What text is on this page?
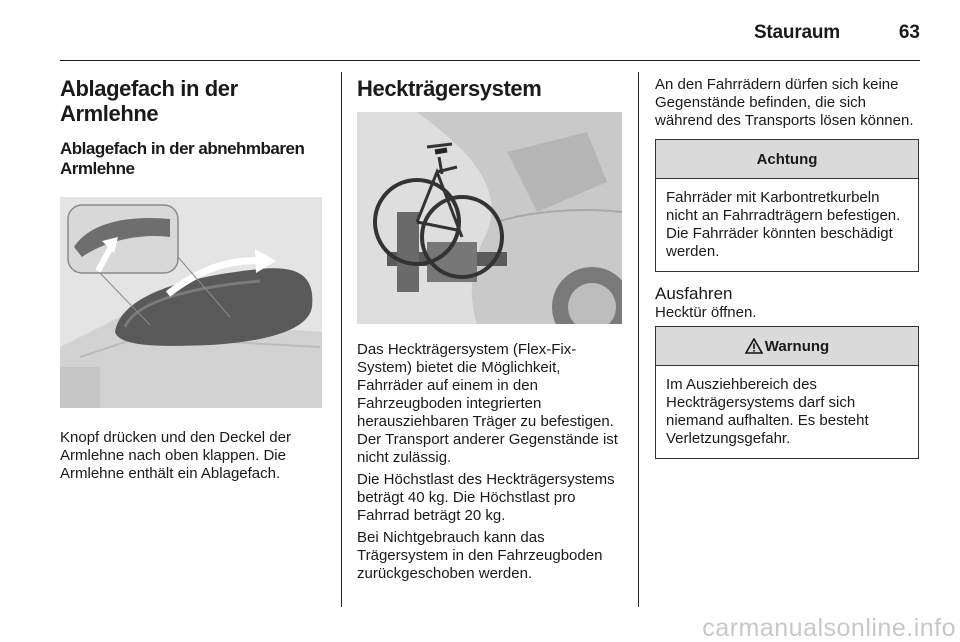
Stauraum	63
Ablagefach in der Armlehne
Ablagefach in der abnehmbaren Armlehne

Knopf drücken und den Deckel der Armlehne nach oben klappen. Die Armlehne enthält ein Ablagefach.

Heckträgersystem

Das Heckträgersystem (Flex-Fix-System) bietet die Möglichkeit, Fahrräder auf einem in den Fahrzeugboden integrierten herausziehbaren Träger zu befestigen. Der Transport anderer Gegenstände ist nicht zulässig.

Die Höchstlast des Heckträgersystems beträgt 40 kg. Die Höchstlast pro Fahrrad beträgt 20 kg.

Bei Nichtgebrauch kann das Trägersystem in den Fahrzeugboden zurückgeschoben werden.

An den Fahrrädern dürfen sich keine Gegenstände befinden, die sich während des Transports lösen können.

Achtung
Fahrräder mit Karbontretkurbeln nicht an Fahrradträgern befestigen. Die Fahrräder könnten beschädigt werden.
Ausfahren

Hecktür öffnen.

Warnung
Im Ausziehbereich des Heckträgersystems darf sich niemand aufhalten. Es besteht Verletzungsgefahr.
carmanualsonline.info
